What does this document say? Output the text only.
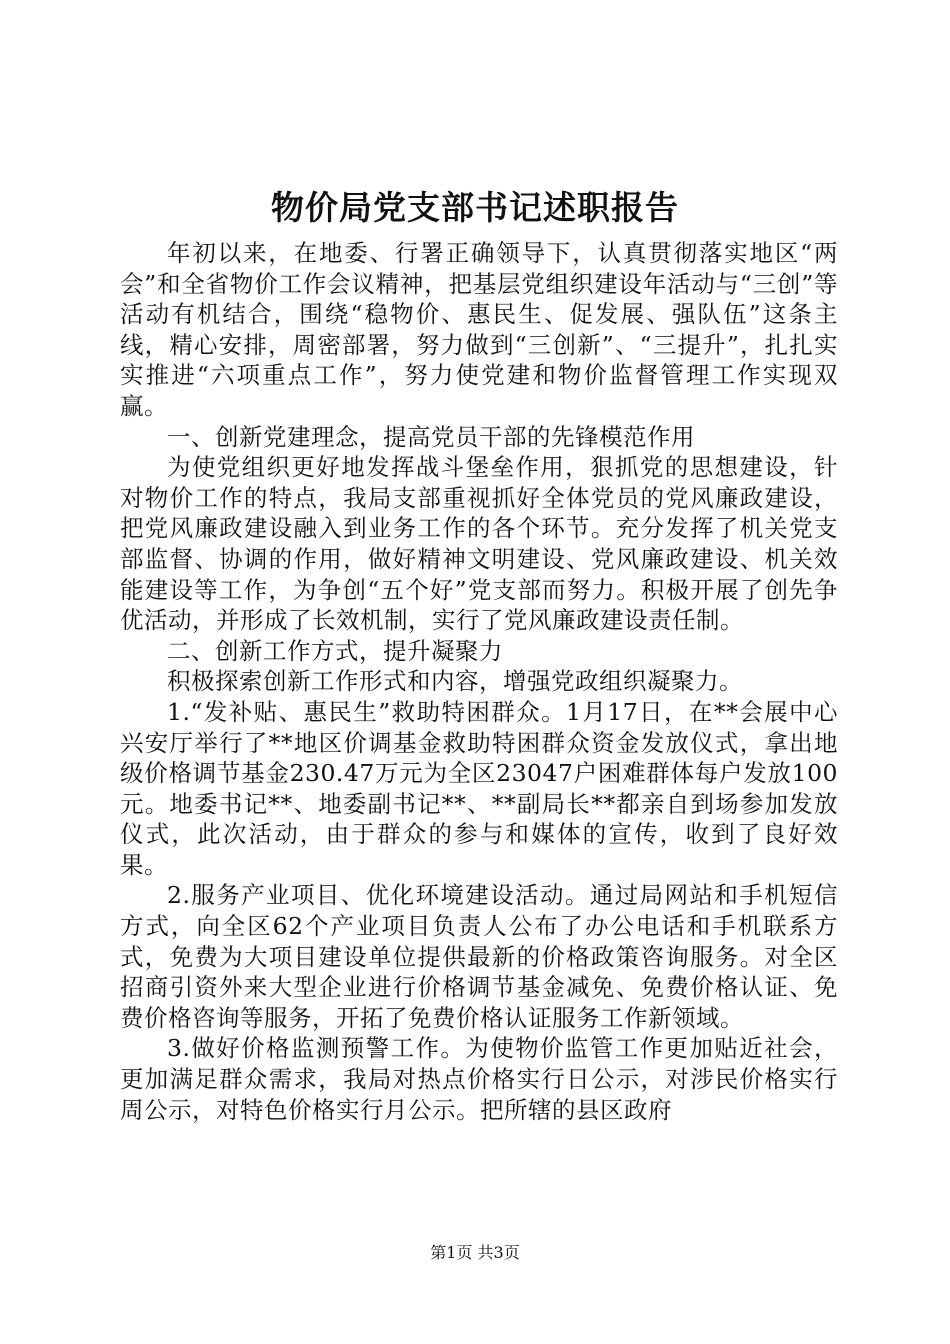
物价局党支部书记述职报告

年初以来，在地委、行署正确领导下，认真贯彻落实地区“两会”和全省物价工作会议精神，把基层党组织建设年活动与“三创”等活动有机结合，围绕“稳物价、惠民生、促发展、强队伍”这条主线，精心安排，周密部署，努力做到“三创新”、“三提升”，扎扎实实推进“六项重点工作”，努力使党建和物价监督管理工作实现双赢。

一、创新党建理念，提高党员干部的先锋模范作用

为使党组织更好地发挥战斗堡垒作用，狠抓党的思想建设，针对物价工作的特点，我局支部重视抓好全体党员的党风廉政建设，把党风廉政建设融入到业务工作的各个环节。充分发挥了机关党支部监督、协调的作用，做好精神文明建设、党风廉政建设、机关效能建设等工作，为争创“五个好”党支部而努力。积极开展了创先争优活动，并形成了长效机制，实行了党风廉政建设责任制。

二、创新工作方式，提升凝聚力

积极探索创新工作形式和内容，增强党政组织凝聚力。

1.“发补贴、惠民生”救助特困群众。1月17日，在**会展中心兴安厅举行了**地区价调基金救助特困群众资金发放仪式，拿出地级价格调节基金230.47万元为全区23047户困难群体每户发放100元。地委书记**、地委副书记**、**副局长**都亲自到场参加发放仪式，此次活动，由于群众的参与和媒体的宣传，收到了良好效果。

2.服务产业项目、优化环境建设活动。通过局网站和手机短信方式，向全区62个产业项目负责人公布了办公电话和手机联系方式，免费为大项目建设单位提供最新的价格政策咨询服务。对全区招商引资外来大型企业进行价格调节基金减免、免费价格认证、免费价格咨询等服务，开拓了免费价格认证服务工作新领域。

3.做好价格监测预警工作。为使物价监管工作更加贴近社会，更加满足群众需求，我局对热点价格实行日公示，对涉民价格实行周公示，对特色价格实行月公示。把所辖的县区政府

第1页 共3页
